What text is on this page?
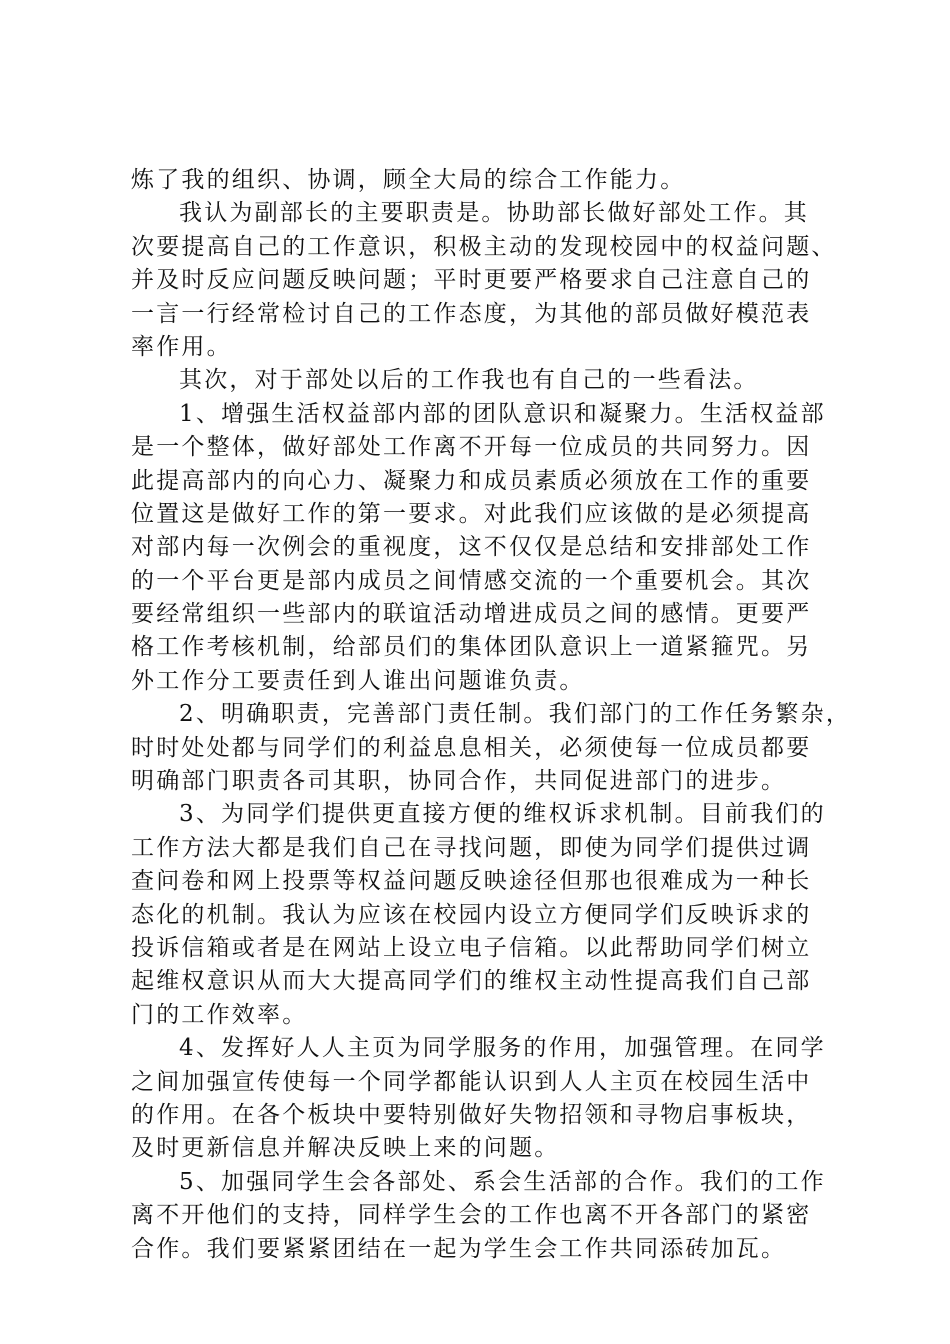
炼了我的组织、协调，顾全大局的综合工作能力。
我认为副部长的主要职责是。协助部长做好部处工作。其
次要提高自己的工作意识，积极主动的发现校园中的权益问题、
并及时反应问题反映问题；平时更要严格要求自己注意自己的
一言一行经常检讨自己的工作态度，为其他的部员做好模范表
率作用。
其次，对于部处以后的工作我也有自己的一些看法。
1、增强生活权益部内部的团队意识和凝聚力。生活权益部
是一个整体，做好部处工作离不开每一位成员的共同努力。因
此提高部内的向心力、凝聚力和成员素质必须放在工作的重要
位置这是做好工作的第一要求。对此我们应该做的是必须提高
对部内每一次例会的重视度，这不仅仅是总结和安排部处工作
的一个平台更是部内成员之间情感交流的一个重要机会。其次
要经常组织一些部内的联谊活动增进成员之间的感情。更要严
格工作考核机制，给部员们的集体团队意识上一道紧箍咒。另
外工作分工要责任到人谁出问题谁负责。
2、明确职责，完善部门责任制。我们部门的工作任务繁杂，
时时处处都与同学们的利益息息相关，必须使每一位成员都要
明确部门职责各司其职，协同合作，共同促进部门的进步。
3、为同学们提供更直接方便的维权诉求机制。目前我们的
工作方法大都是我们自己在寻找问题，即使为同学们提供过调
查问卷和网上投票等权益问题反映途径但那也很难成为一种长
态化的机制。我认为应该在校园内设立方便同学们反映诉求的
投诉信箱或者是在网站上设立电子信箱。以此帮助同学们树立
起维权意识从而大大提高同学们的维权主动性提高我们自己部
门的工作效率。
4、发挥好人人主页为同学服务的作用，加强管理。在同学
之间加强宣传使每一个同学都能认识到人人主页在校园生活中
的作用。在各个板块中要特别做好失物招领和寻物启事板块，
及时更新信息并解决反映上来的问题。
5、加强同学生会各部处、系会生活部的合作。我们的工作
离不开他们的支持，同样学生会的工作也离不开各部门的紧密
合作。我们要紧紧团结在一起为学生会工作共同添砖加瓦。
